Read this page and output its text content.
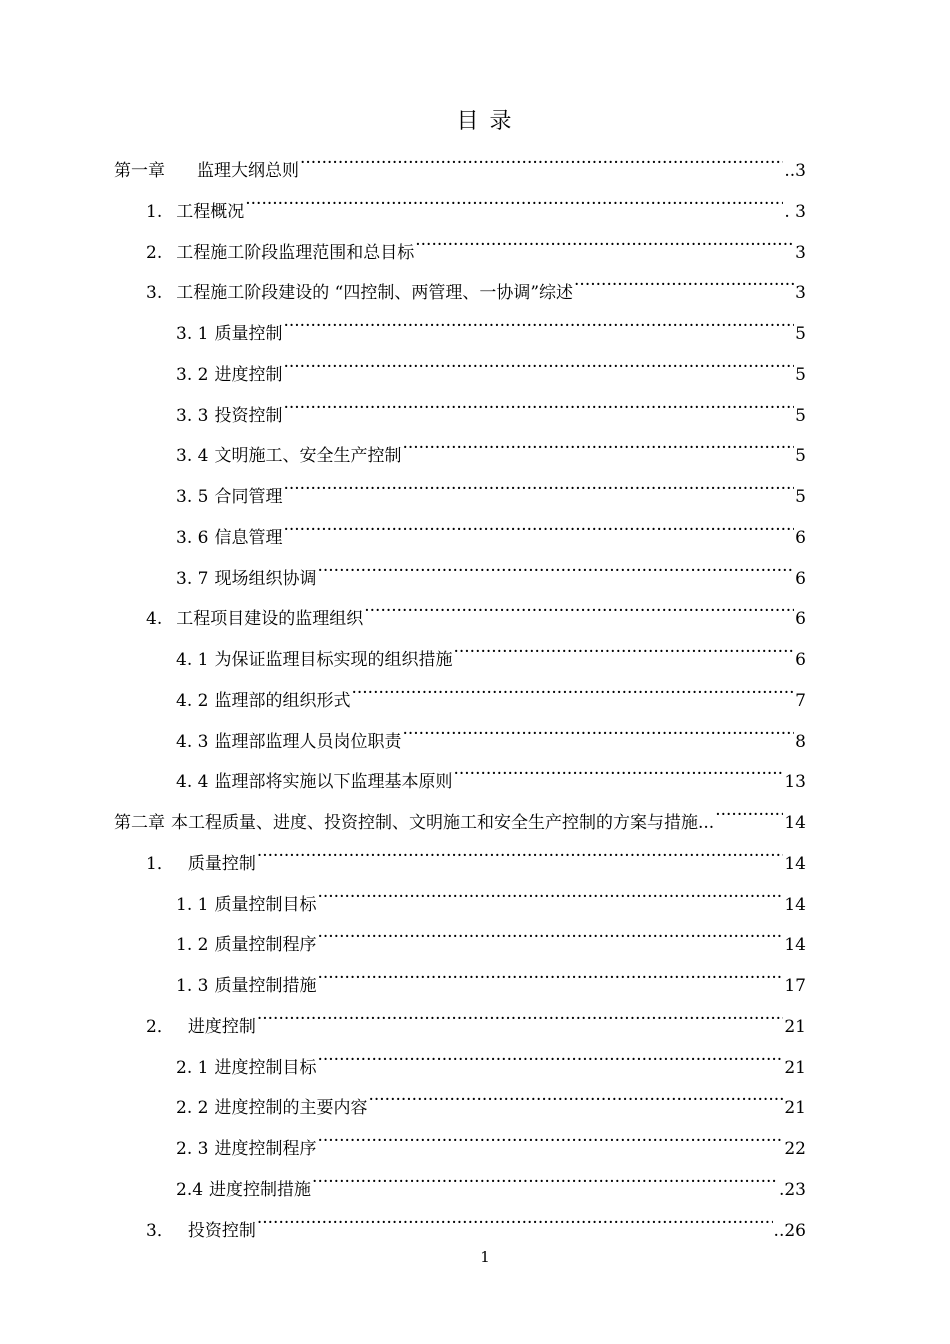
目 录
第一章 监理大纲总则 ·····	..3
1. 工程概况 ·····	. 3
2. 工程施工阶段监理范围和总目标 ·····	3
3. 工程施工阶段建设的 “四控制、两管理、一协调”综述 ·····	3
3. 1 质量控制 ·····	5
3. 2 进度控制 ·····	5
3. 3 投资控制 ·····	5
3. 4 文明施工、安全生产控制 ·····	5
3. 5 合同管理 ·····	5
3. 6 信息管理 ·····	6
3. 7 现场组织协调 ·····	6
4. 工程项目建设的监理组织 ·····	6
4. 1 为保证监理目标实现的组织措施 ·····	6
4. 2 监理部的组织形式 ·····	7
4. 3 监理部监理人员岗位职责 ·····	8
4. 4 监理部将实施以下监理基本原则 ·····	13
第二章 本工程质量、进度、投资控制、文明施工和安全生产控制的方案与措施... ·····	14
1． 质量控制 ·····	14
1. 1 质量控制目标 ·····	14
1. 2 质量控制程序 ·····	14
1. 3 质量控制措施 ·····	17
2． 进度控制 ·····	21
2. 1 进度控制目标 ·····	21
2. 2 进度控制的主要内容 ·····	21
2. 3 进度控制程序 ·····	22
2.4 进度控制措施 ·····	.23
3． 投资控制 ·····	..26
1
